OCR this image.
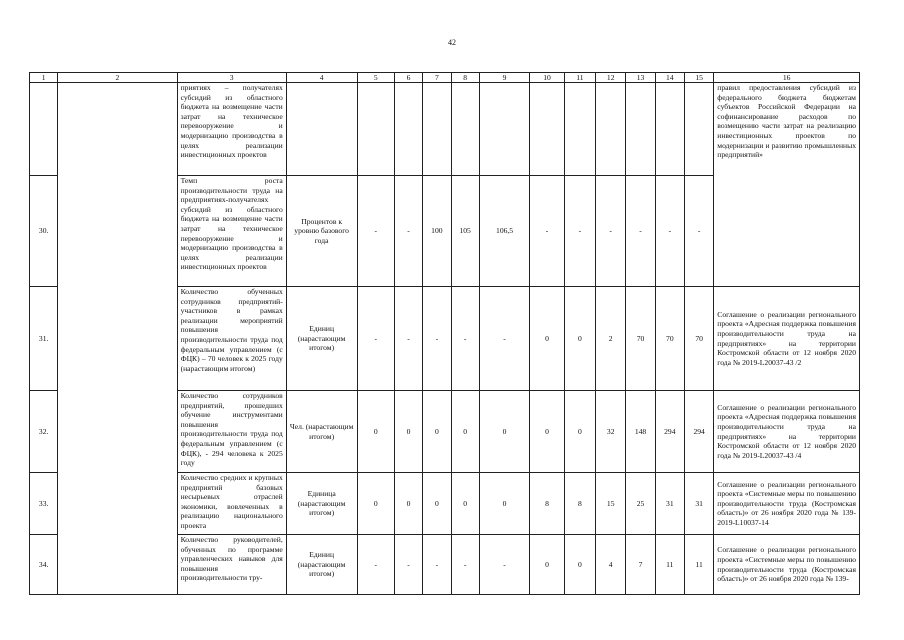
42
1	2	3	4	5	6	7	8	9	10	11	12	13	14	15	16
		приятиях – получателях субсидий из областного бюджета на возмещение части затрат на техническое перевооружение и модернизацию производства в целях реализации инвестиционных проектов													правил предоставления субсидий из федерального бюджета бюджетам субъектов Российской Федерации на софинансирование расходов по возмещению части затрат на реализацию инвестиционных проектов по модернизации и развитию промышленных предприятий»
30.		Темп роста производительности труда на предприятиях-получателях субсидий из областного бюджета на возмещение части затрат на техническое перевооружение и модернизацию производства в целях реализации инвестиционных проектов	Процентов к уровню базового года	-	-	100	105	106,5	-	-	-	-	-	-	
31.		Количество обученных сотрудников предприятий-участников в рамках реализации мероприятий повышения производительности труда под федеральным управлением (с ФЦК) – 70 человек к 2025 году (нарастающим итогом)	Единиц (нарастающим итогом)	-	-	-	-	-	0	0	2	70	70	70	Соглашение о реализации регионального проекта «Адресная поддержка повышения производительности труда на предприятиях» на территории Костромской области от 12 ноября 2020 года № 2019-L20037-43 /2
32.		Количество сотрудников предприятий, прошедших обучение инструментами повышения производительности труда под федеральным управлением (с ФЦК), - 294 человека к 2025 году	Чел. (нарастающим итогом)	0	0	0	0	0	0	0	32	148	294	294	Соглашение о реализации регионального проекта «Адресная поддержка повышения производительности труда на предприятиях» на территории Костромской области от 12 ноября 2020 года № 2019-L20037-43 /4
33.		Количество средних и крупных предприятий базовых несырьевых отраслей экономики, вовлеченных в реализацию национального проекта	Единица (нарастающим итогом)	0	0	0	0	0	8	8	15	25	31	31	Соглашение о реализации регионального проекта «Системные меры по повышению производительности труда (Костромская область)» от 26 ноября 2020 года № 139-2019-L10037-14
34.		Количество руководителей, обученных по программе управленческих навыков для повышения производительности тру-	Единиц (нарастающим итогом)	-	-	-	-	-	0	0	4	7	11	11	Соглашение о реализации регионального проекта «Системные меры по повышению производительности труда (Костромская область)» от 26 ноября 2020 года № 139-
